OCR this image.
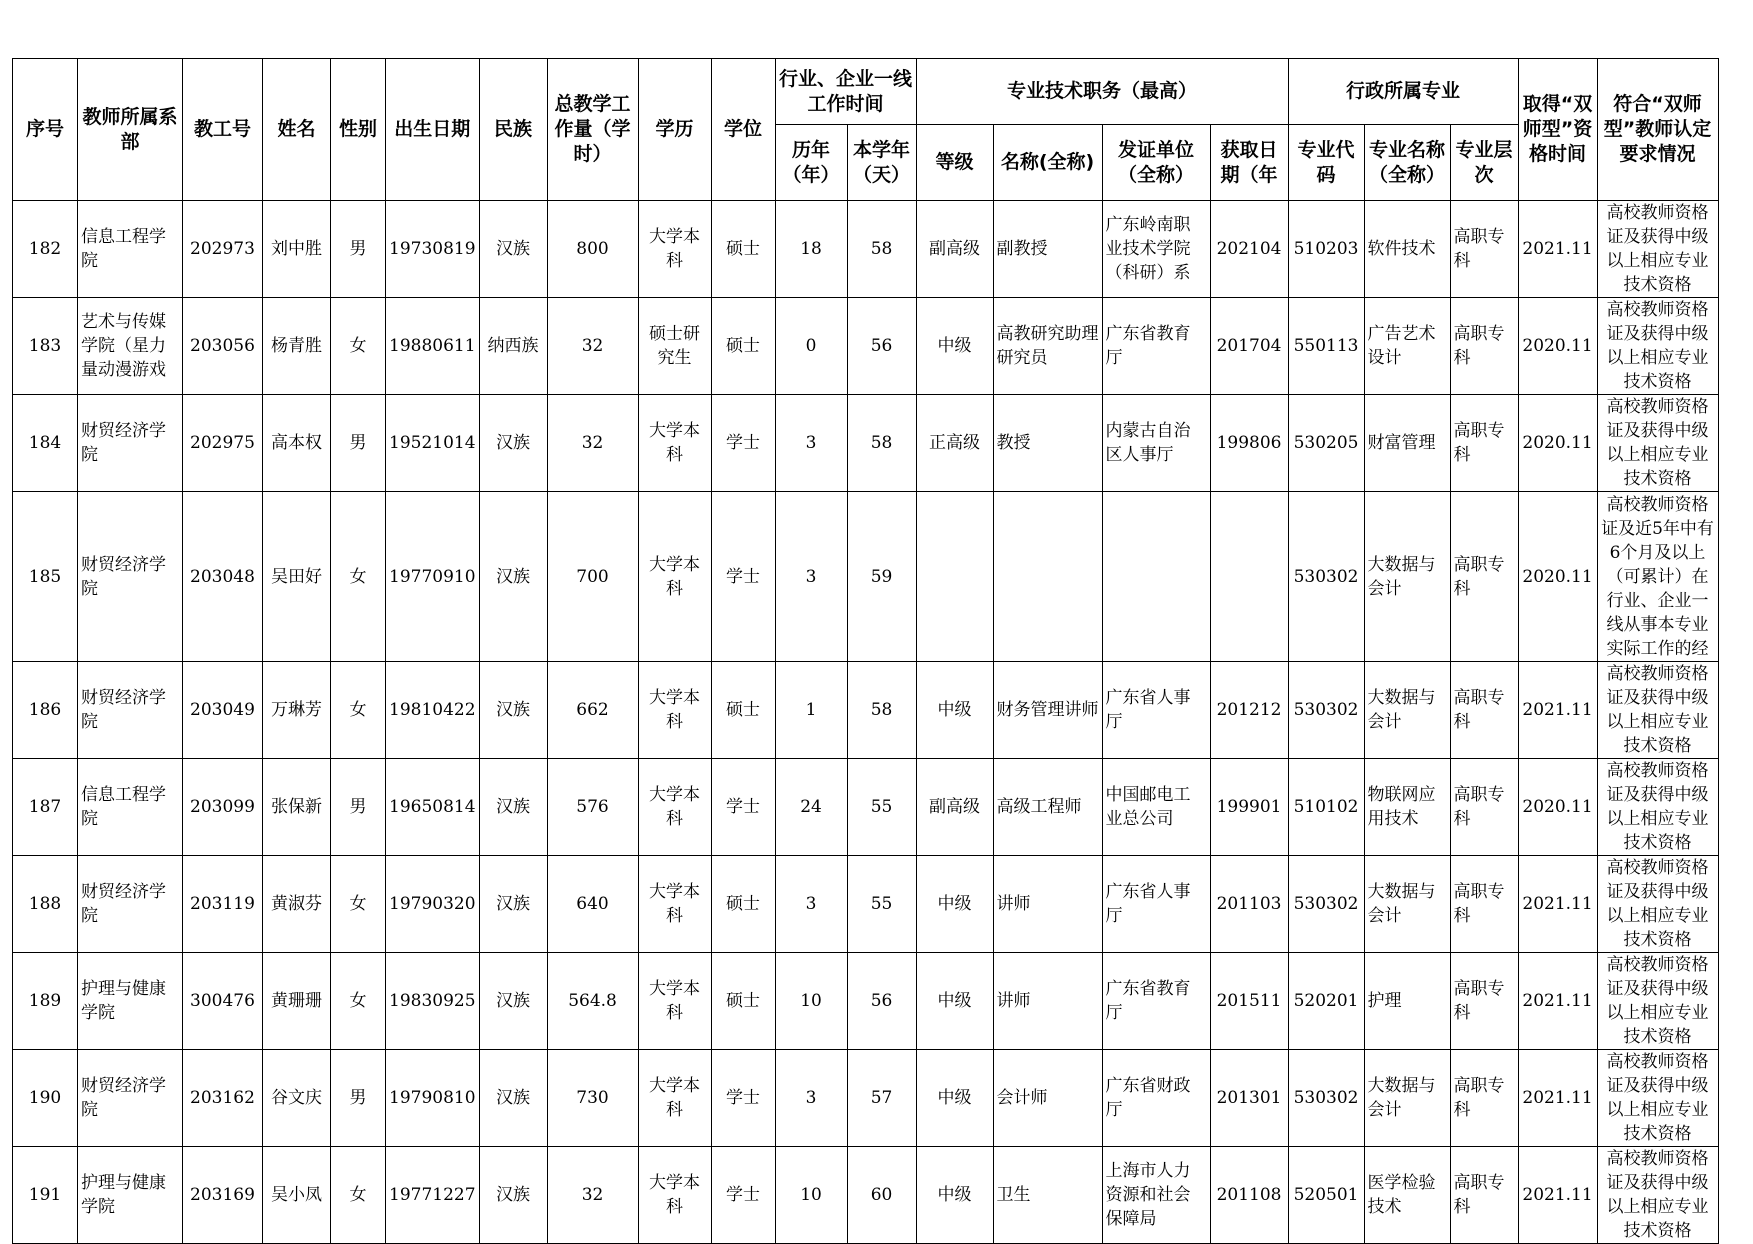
序号	教师所属系部	教工号	姓名	性别	出生日期	民族	总教学工作量（学时）	学历	学位	行业、企业一线工作时间		专业技术职务（最高）				行政所属专业			取得“双师型”资格时间	符合“双师型”教师认定要求情况
										历年（年）	本学年（天）	等级	名称(全称)	发证单位（全称）	获取日期（年	专业代码	专业名称（全称）	专业层次		
182	信息工程学院	202973	刘中胜	男	19730819	汉族	800	大学本科	硕士	18	58	副高级	副教授	广东岭南职业技术学院（科研）系	202104	510203	软件技术	高职专科	2021.11	高校教师资格证及获得中级以上相应专业技术资格

183	艺术与传媒学院（星力量动漫游戏	203056	杨青胜	女	19880611	纳西族	32	硕士研究生	硕士	0	56	中级	高教研究助理研究员	广东省教育厅	201704	550113	广告艺术设计	高职专科	2020.11	高校教师资格证及获得中级以上相应专业技术资格

184	财贸经济学院	202975	高本权	男	19521014	汉族	32	大学本科	学士	3	58	正高级	教授	内蒙古自治区人事厅	199806	530205	财富管理	高职专科	2020.11	高校教师资格证及获得中级以上相应专业技术资格

185	财贸经济学院	203048	吴田好	女	19770910	汉族	700	大学本科	学士	3	59					530302	大数据与会计	高职专科	2020.11	高校教师资格证及近5年中有6个月及以上（可累计）在行业、企业一线从事本专业实际工作的经

186	财贸经济学院	203049	万琳芳	女	19810422	汉族	662	大学本科	硕士	1	58	中级	财务管理讲师	广东省人事厅	201212	530302	大数据与会计	高职专科	2021.11	高校教师资格证及获得中级以上相应专业技术资格

187	信息工程学院	203099	张保新	男	19650814	汉族	576	大学本科	学士	24	55	副高级	高级工程师	中国邮电工业总公司	199901	510102	物联网应用技术	高职专科	2020.11	高校教师资格证及获得中级以上相应专业技术资格

188	财贸经济学院	203119	黄淑芬	女	19790320	汉族	640	大学本科	硕士	3	55	中级	讲师	广东省人事厅	201103	530302	大数据与会计	高职专科	2021.11	高校教师资格证及获得中级以上相应专业技术资格

189	护理与健康学院	300476	黄珊珊	女	19830925	汉族	564.8	大学本科	硕士	10	56	中级	讲师	广东省教育厅	201511	520201	护理	高职专科	2021.11	高校教师资格证及获得中级以上相应专业技术资格

190	财贸经济学院	203162	谷文庆	男	19790810	汉族	730	大学本科	学士	3	57	中级	会计师	广东省财政厅	201301	530302	大数据与会计	高职专科	2021.11	高校教师资格证及获得中级以上相应专业技术资格

191	护理与健康学院	203169	吴小凤	女	19771227	汉族	32	大学本科	学士	10	60	中级	卫生	上海市人力资源和社会保障局	201108	520501	医学检验技术	高职专科	2021.11	高校教师资格证及获得中级以上相应专业技术资格
